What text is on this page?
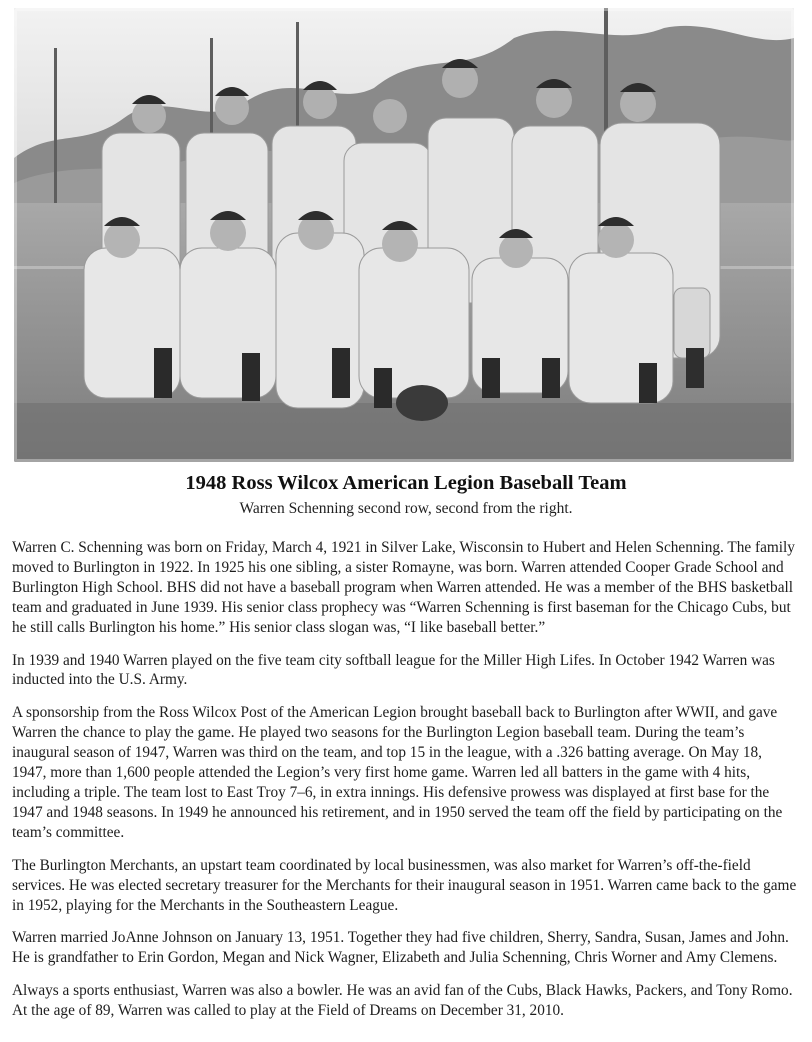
1948 Ross Wilcox American Legion Baseball Team
Warren Schenning second row, second from the right.

Warren C. Schenning was born on Friday, March 4, 1921 in Silver Lake, Wisconsin to Hubert and Helen Schenning. The family moved to Burlington in 1922. In 1925 his one sibling, a sister Romayne, was born. Warren attended Cooper Grade School and Burlington High School. BHS did not have a baseball program when Warren attended. He was a member of the BHS basketball team and graduated in June 1939. His senior class prophecy was “Warren Schenning is first baseman for the Chicago Cubs, but he still calls Burlington his home.” His senior class slogan was, “I like baseball better.”

In 1939 and 1940 Warren played on the five team city softball league for the Miller High Lifes. In October 1942 Warren was inducted into the U.S. Army.

A sponsorship from the Ross Wilcox Post of the American Legion brought baseball back to Burlington after WWII, and gave Warren the chance to play the game. He played two seasons for the Burlington Legion baseball team. During the team’s inaugural season of 1947, Warren was third on the team, and top 15 in the league, with a .326 batting average. On May 18, 1947, more than 1,600 people attended the Legion’s very first home game. Warren led all batters in the game with 4 hits, including a triple. The team lost to East Troy 7–6, in extra innings. His defensive prowess was displayed at first base for the 1947 and 1948 seasons. In 1949 he announced his retirement, and in 1950 served the team off the field by participating on the team’s committee.

The Burlington Merchants, an upstart team coordinated by local businessmen, was also market for Warren’s off-the-field services. He was elected secretary treasurer for the Merchants for their inaugural season in 1951. Warren came back to the game in 1952, playing for the Merchants in the Southeastern League.

Warren married JoAnne Johnson on January 13, 1951. Together they had five children, Sherry, Sandra, Susan, James and John. He is grandfather to Erin Gordon, Megan and Nick Wagner, Elizabeth and Julia Schenning, Chris Worner and Amy Clemens.

Always a sports enthusiast, Warren was also a bowler. He was an avid fan of the Cubs, Black Hawks, Packers, and Tony Romo. At the age of 89, Warren was called to play at the Field of Dreams on December 31, 2010.
